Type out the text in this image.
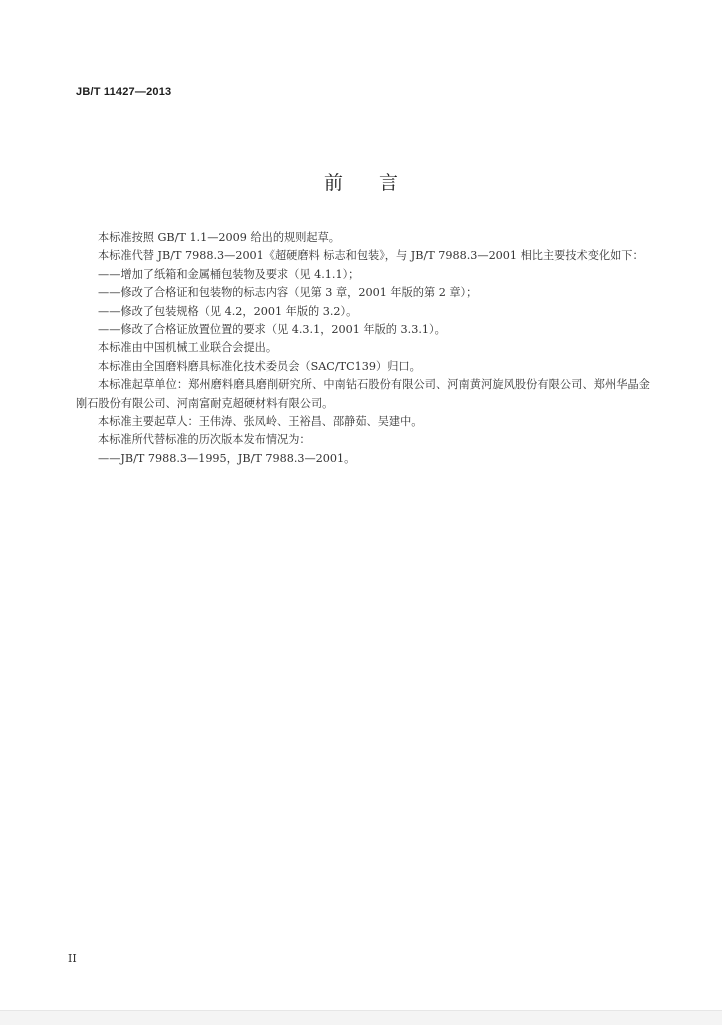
JB/T 11427—2013
前言

本标准按照 GB/T 1.1—2009 给出的规则起草。

本标准代替 JB/T 7988.3—2001《超硬磨料 标志和包装》，与 JB/T 7988.3—2001 相比主要技术变化如下：

——增加了纸箱和金属桶包装物及要求（见 4.1.1）；

——修改了合格证和包装物的标志内容（见第 3 章，2001 年版的第 2 章）；

——修改了包装规格（见 4.2，2001 年版的 3.2）。

——修改了合格证放置位置的要求（见 4.3.1，2001 年版的 3.3.1）。

本标准由中国机械工业联合会提出。

本标准由全国磨料磨具标准化技术委员会（SAC/TC139）归口。

本标准起草单位：郑州磨料磨具磨削研究所、中南钻石股份有限公司、河南黄河旋风股份有限公司、郑州华晶金刚石股份有限公司、河南富耐克超硬材料有限公司。

本标准主要起草人：王伟涛、张凤岭、王裕昌、邵静茹、吴建中。

本标准所代替标准的历次版本发布情况为：

——JB/T 7988.3—1995，JB/T 7988.3—2001。

II
